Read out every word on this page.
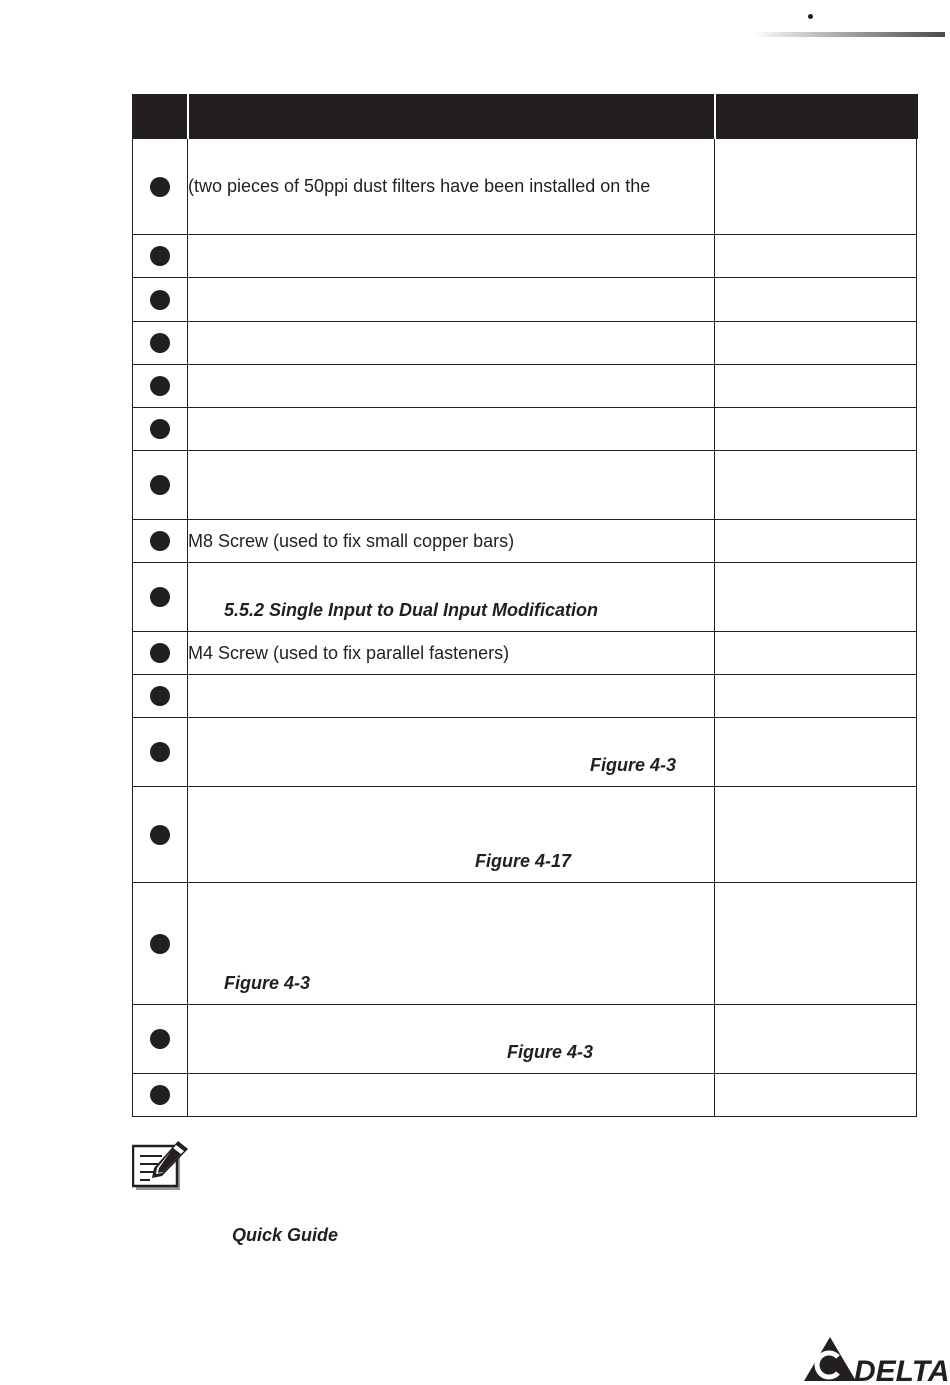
	(two pieces of 50ppi dust filters have been installed on the	

	M8 Screw (used to fix small copper bars)	

	5.5.2 Single Input to Dual Input Modification	

	M4 Screw (used to fix parallel fasteners)	

	Figure 4-3	

	Figure 4-17	

	Figure 4-3	

	Figure 4-3	

Quick Guide
DELTA
